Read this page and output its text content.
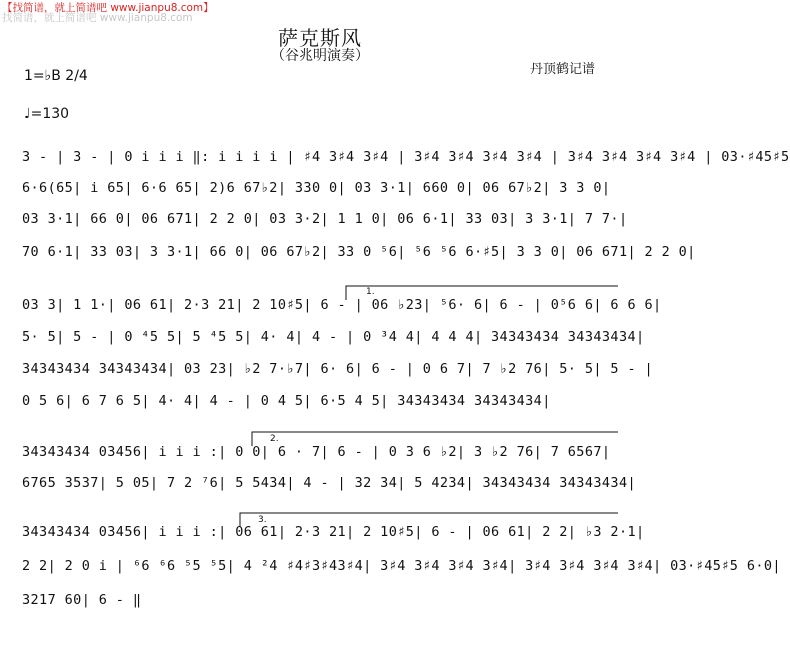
【找简谱，就上简谱吧 www.jianpu8.com】
找简谱，就上简谱吧 www.jianpu8.com
萨克斯风
（谷兆明演奏）
丹顶鹤记谱
1=♭B 2/4
♩=130
3 - | 3 - | 0 i i i ‖: i i i i | ♯4 3♯4 3♯4 | 3♯4 3♯4 3♯4 3♯4 | 3♯4 3♯4 3♯4 3♯4 | 03·♯45♯5
6·6(65| i 65| 6·6 65| 2)6 67♭2| 330 0| 03 3·1| 660 0| 06 67♭2| 3 3 0|
03 3·1| 66 0| 06 671| 2 2 0| 03 3·2| 1 1 0| 06 6·1| 33 03| 3 3·1| 7 7·|
70 6·1| 33 03| 3 3·1| 66 0| 06 67♭2| 33 0 ⁵6| ⁵6 ⁵6 6·♯5| 3 3 0| 06 671| 2 2 0|
03 3| 1 1·| 06 61| 2·3 21| 2 10♯5| 6 - | 06 ♭23| ⁵6· 6| 6 - | 0⁵6 6| 6 6 6|
5· 5| 5 - | 0 ⁴5 5| 5 ⁴5 5| 4· 4| 4 - | 0 ³4 4| 4 4 4| 34343434 34343434|
34343434 34343434| 03 23| ♭2 7·♭7| 6· 6| 6 - | 0 6 7| 7 ♭2 76| 5· 5| 5 - |
0 5 6| 6 7 6 5| 4· 4| 4 - | 0 4 5| 6·5 4 5| 34343434 34343434|
34343434 03456| i i i :| 0 0| 6 · 7| 6 - | 0 3 6 ♭2| 3 ♭2 76| 7 6567|
6765 3537| 5 05| 7 2 ⁷6| 5 5434| 4 - | 32 34| 5 4234| 34343434 34343434|
34343434 03456| i i i :| 06 61| 2·3 21| 2 10♯5| 6 - | 06 61| 2 2| ♭3 2·1|
2 2| 2 0 i | ⁶6 ⁶6 ⁵5 ⁵5| 4 ²4 ♯4♯3♯43♯4| 3♯4 3♯4 3♯4 3♯4| 3♯4 3♯4 3♯4 3♯4| 03·♯45♯5 6·0|
3217 60| 6 - ‖
1.
2.
3.
